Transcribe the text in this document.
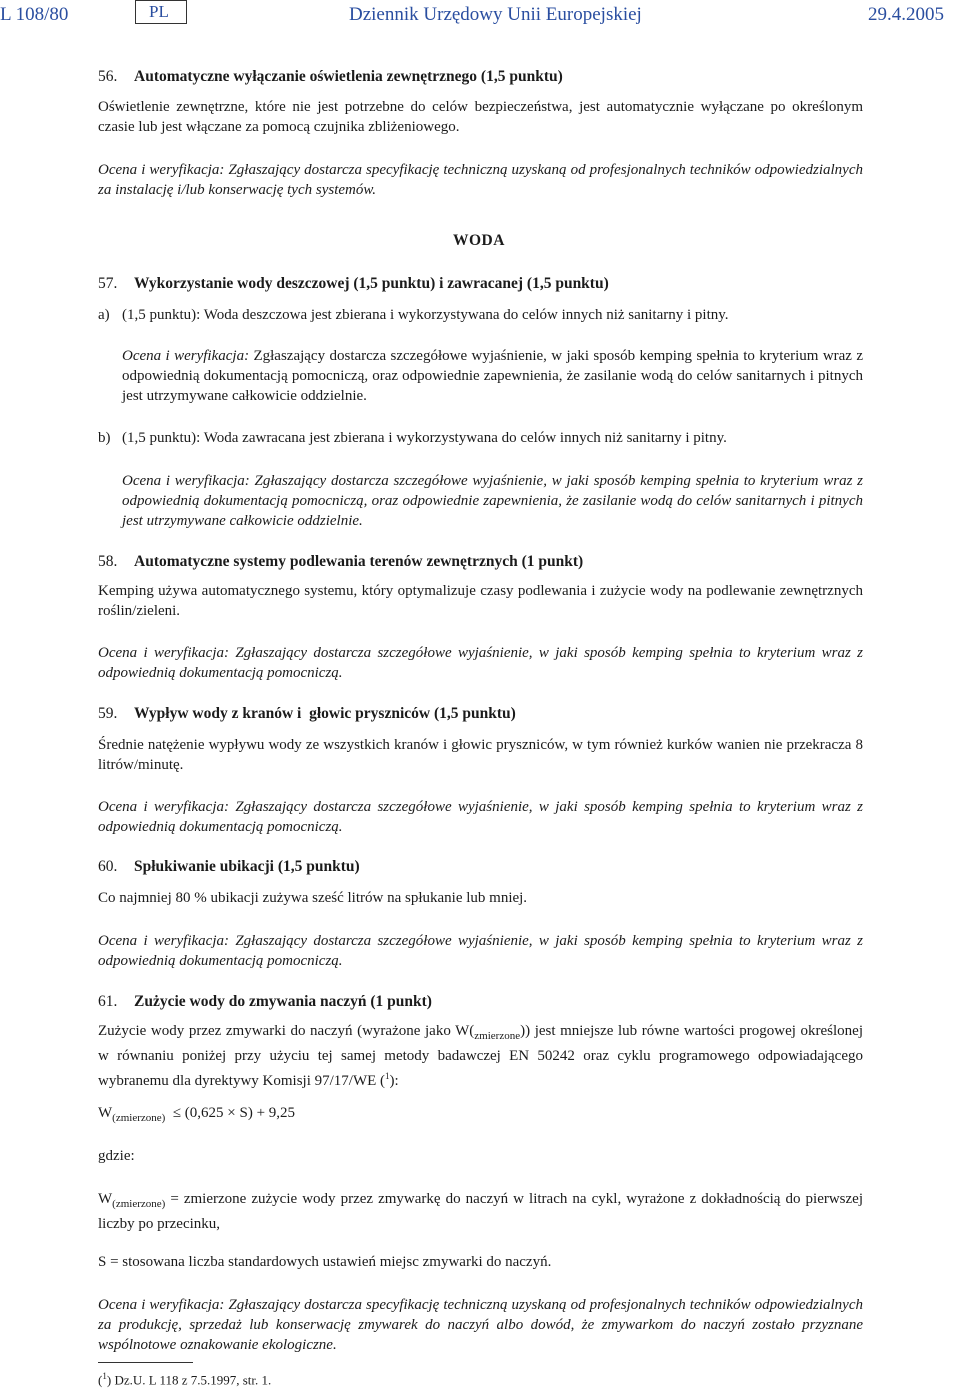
L 108/80	PL	Dziennik Urzędowy Unii Europejskiej	29.4.2005
56. Automatyczne wyłączanie oświetlenia zewnętrznego (1,5 punktu)
Oświetlenie zewnętrzne, które nie jest potrzebne do celów bezpieczeństwa, jest automatycznie wyłączane po określonym czasie lub jest włączane za pomocą czujnika zbliżeniowego.
Ocena i weryfikacja: Zgłaszający dostarcza specyfikację techniczną uzyskaną od profesjonalnych techników odpowiedzialnych za instalację i/lub konserwację tych systemów.
WODA
57. Wykorzystanie wody deszczowej (1,5 punktu) i zawracanej (1,5 punktu)
a) (1,5 punktu): Woda deszczowa jest zbierana i wykorzystywana do celów innych niż sanitarny i pitny.
Ocena i weryfikacja: Zgłaszający dostarcza szczegółowe wyjaśnienie, w jaki sposób kemping spełnia to kryterium wraz z odpowiednią dokumentacją pomocniczą, oraz odpowiednie zapewnienia, że zasilanie wodą do celów sanitarnych i pitnych jest utrzymywane całkowicie oddzielnie.
b) (1,5 punktu): Woda zawracana jest zbierana i wykorzystywana do celów innych niż sanitarny i pitny.
Ocena i weryfikacja: Zgłaszający dostarcza szczegółowe wyjaśnienie, w jaki sposób kemping spełnia to kryterium wraz z odpowiednią dokumentacją pomocniczą, oraz odpowiednie zapewnienia, że zasilanie wodą do celów sanitarnych i pitnych jest utrzymywane całkowicie oddzielnie.
58. Automatyczne systemy podlewania terenów zewnętrznych (1 punkt)
Kemping używa automatycznego systemu, który optymalizuje czasy podlewania i zużycie wody na podlewanie zewnętrznych roślin/zieleni.
Ocena i weryfikacja: Zgłaszający dostarcza szczegółowe wyjaśnienie, w jaki sposób kemping spełnia to kryterium wraz z odpowiednią dokumentacją pomocniczą.
59. Wypływ wody z kranów i  głowic pryszniców (1,5 punktu)
Średnie natężenie wypływu wody ze wszystkich kranów i głowic pryszniców, w tym również kurków wanien nie przekracza 8 litrów/minutę.
Ocena i weryfikacja: Zgłaszający dostarcza szczegółowe wyjaśnienie, w jaki sposób kemping spełnia to kryterium wraz z odpowiednią dokumentacją pomocniczą.
60. Spłukiwanie ubikacji (1,5 punktu)
Co najmniej 80 % ubikacji zużywa sześć litrów na spłukanie lub mniej.
Ocena i weryfikacja: Zgłaszający dostarcza szczegółowe wyjaśnienie, w jaki sposób kemping spełnia to kryterium wraz z odpowiednią dokumentacją pomocniczą.
61. Zużycie wody do zmywania naczyń (1 punkt)
Zużycie wody przez zmywarki do naczyń (wyrażone jako $W(_{zmierzone})$) jest mniejsze lub równe wartości progowej określonej w równaniu poniżej przy użyciu tej samej metody badawczej EN 50242 oraz cyklu programowego odpowiadającego wybranemu dla dyrektywy Komisji 97/17/WE ($^1$):
$W_{(zmierzone)} \le (0,625 \times S) + 9,25$
gdzie:
$W_{(zmierzone)}$ = zmierzone zużycie wody przez zmywarkę do naczyń w litrach na cykl, wyrażone z dokładnością do pierwszej liczby po przecinku,
S = stosowana liczba standardowych ustawień miejsc zmywarki do naczyń.
Ocena i weryfikacja: Zgłaszający dostarcza specyfikację techniczną uzyskaną od profesjonalnych techników odpowiedzialnych za produkcję, sprzedaż lub konserwację zmywarek do naczyń albo dowód, że zmywarkom do naczyń zostało przyznane wspólnotowe oznakowanie ekologiczne.
($^1$) Dz.U. L 118 z 7.5.1997, str. 1.
